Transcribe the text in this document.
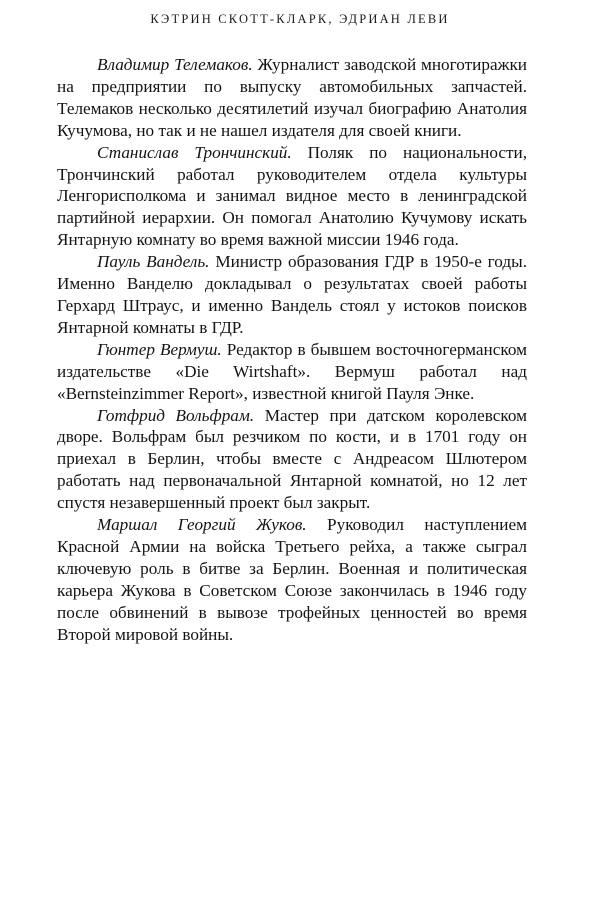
КЭТРИН СКОТТ-КЛАРК, ЭДРИАН ЛЕВИ

Владимир Телемаков. Журналист заводской многотиражки на предприятии по выпуску автомобильных запчастей. Телемаков несколько десятилетий изучал биографию Анатолия Кучумова, но так и не нашел издателя для своей книги.

Станислав Трончинский. Поляк по национальности, Трончинский работал руководителем отдела культуры Ленгорисполкома и занимал видное место в ленинградской партийной иерархии. Он помогал Анатолию Кучумову искать Янтарную комнату во время важной миссии 1946 года.

Пауль Вандель. Министр образования ГДР в 1950-е годы. Именно Ванделю докладывал о результатах своей работы Герхард Штраус, и именно Вандель стоял у истоков поисков Янтарной комнаты в ГДР.

Гюнтер Вермуш. Редактор в бывшем восточногерманском издательстве «Die Wirtshaft». Вермуш работал над «Bernsteinzimmer Report», известной книгой Пауля Энке.

Готфрид Вольфрам. Мастер при датском королевском дворе. Вольфрам был резчиком по кости, и в 1701 году он приехал в Берлин, чтобы вместе с Андреасом Шлютером работать над первоначальной Янтарной комнатой, но 12 лет спустя незавершенный проект был закрыт.

Маршал Георгий Жуков. Руководил наступлением Красной Армии на войска Третьего рейха, а также сыграл ключевую роль в битве за Берлин. Военная и политическая карьера Жукова в Советском Союзе закончилась в 1946 году после обвинений в вывозе трофейных ценностей во время Второй мировой войны.
